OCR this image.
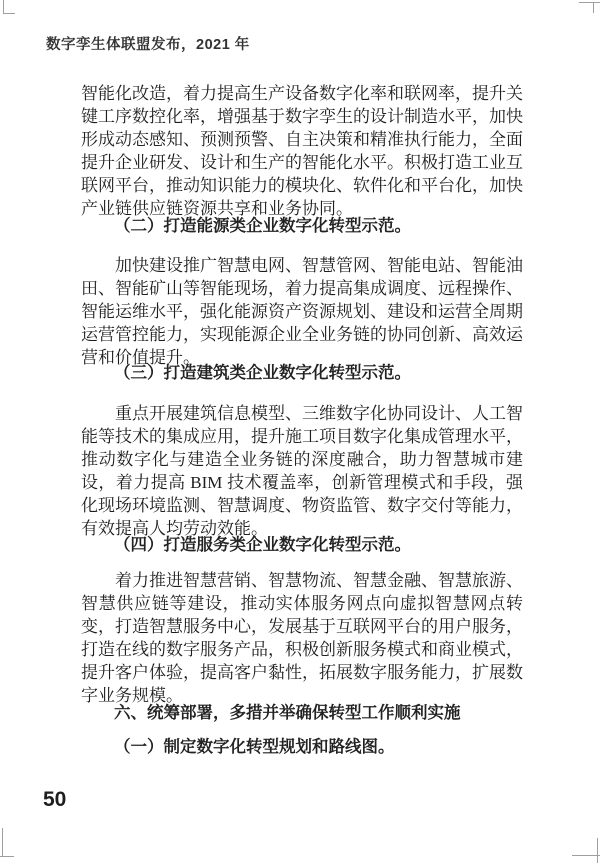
数字孪生体联盟发布，2021 年

智能化改造，着力提高生产设备数字化率和联网率，提升关键工序数控化率，增强基于数字孪生的设计制造水平，加快形成动态感知、预测预警、自主决策和精准执行能力，全面提升企业研发、设计和生产的智能化水平。积极打造工业互联网平台，推动知识能力的模块化、软件化和平台化，加快产业链供应链资源共享和业务协同。

（二）打造能源类企业数字化转型示范。

加快建设推广智慧电网、智慧管网、智能电站、智能油田、智能矿山等智能现场，着力提高集成调度、远程操作、智能运维水平，强化能源资产资源规划、建设和运营全周期运营管控能力，实现能源企业全业务链的协同创新、高效运营和价值提升。

（三）打造建筑类企业数字化转型示范。

重点开展建筑信息模型、三维数字化协同设计、人工智能等技术的集成应用，提升施工项目数字化集成管理水平，推动数字化与建造全业务链的深度融合，助力智慧城市建设，着力提高 BIM 技术覆盖率，创新管理模式和手段，强化现场环境监测、智慧调度、物资监管、数字交付等能力，有效提高人均劳动效能。

（四）打造服务类企业数字化转型示范。

着力推进智慧营销、智慧物流、智慧金融、智慧旅游、智慧供应链等建设，推动实体服务网点向虚拟智慧网点转变，打造智慧服务中心，发展基于互联网平台的用户服务，打造在线的数字服务产品，积极创新服务模式和商业模式，提升客户体验，提高客户黏性，拓展数字服务能力，扩展数字业务规模。

六、统筹部署，多措并举确保转型工作顺利实施
（一）制定数字化转型规划和路线图。
50
